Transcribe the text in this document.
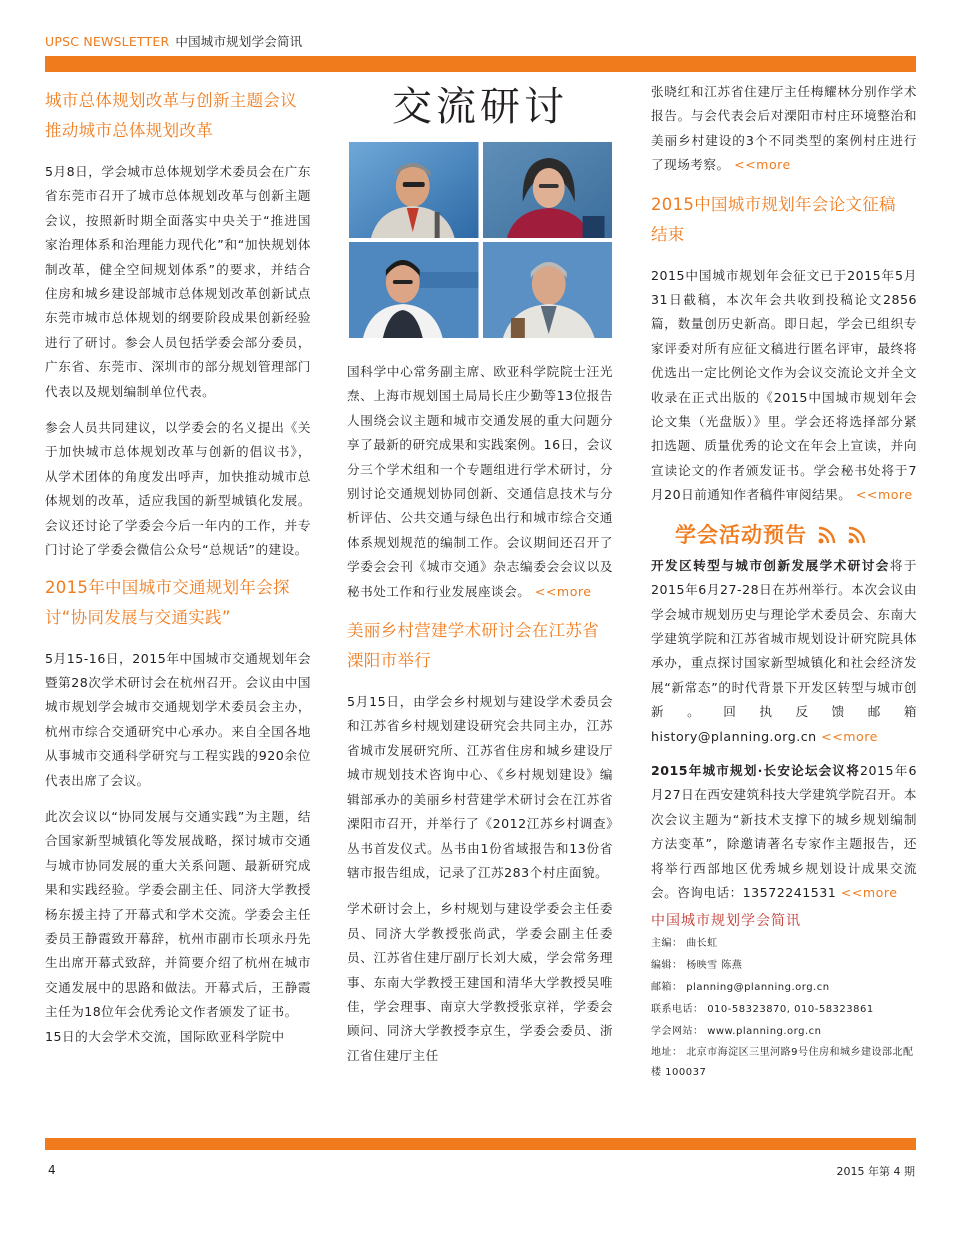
UPSC NEWSLETTER 中国城市规划学会简讯
城市总体规划改革与创新主题会议
推动城市总体规划改革

5月8日，学会城市总体规划学术委员会在广东省东莞市召开了城市总体规划改革与创新主题会议，按照新时期全面落实中央关于“推进国家治理体系和治理能力现代化”和“加快规划体制改革，健全空间规划体系”的要求，并结合住房和城乡建设部城市总体规划改革创新试点东莞市城市总体规划的纲要阶段成果创新经验进行了研讨。参会人员包括学委会部分委员，广东省、东莞市、深圳市的部分规划管理部门代表以及规划编制单位代表。

参会人员共同建议，以学委会的名义提出《关于加快城市总体规划改革与创新的倡议书》，从学术团体的角度发出呼声，加快推动城市总体规划的改革，适应我国的新型城镇化发展。会议还讨论了学委会今后一年内的工作，并专门讨论了学委会微信公众号“总规话”的建设。

2015年中国城市交通规划年会探
讨“协同发展与交通实践”

5月15-16日，2015年中国城市交通规划年会暨第28次学术研讨会在杭州召开。会议由中国城市规划学会城市交通规划学术委员会主办，杭州市综合交通研究中心承办。来自全国各地从事城市交通科学研究与工程实践的920余位代表出席了会议。

此次会议以“协同发展与交通实践”为主题，结合国家新型城镇化等发展战略，探讨城市交通与城市协同发展的重大关系问题、最新研究成果和实践经验。学委会副主任、同济大学教授杨东援主持了开幕式和学术交流。学委会主任委员王静霞致开幕辞，杭州市副市长项永丹先生出席开幕式致辞，并简要介绍了杭州在城市交通发展中的思路和做法。开幕式后，王静霞主任为18位年会优秀论文作者颁发了证书。

15日的大会学术交流，国际欧亚科学院中

交流研讨

国科学中心常务副主席、欧亚科学院院士汪光焘、上海市规划国土局局长庄少勤等13位报告人围绕会议主题和城市交通发展的重大问题分享了最新的研究成果和实践案例。16日，会议分三个学术组和一个专题组进行学术研讨，分别讨论交通规划协同创新、交通信息技术与分析评估、公共交通与绿色出行和城市综合交通体系规划规范的编制工作。会议期间还召开了学委会会刊《城市交通》杂志编委会会议以及秘书处工作和行业发展座谈会。 <<more

美丽乡村营建学术研讨会在江苏省
溧阳市举行

5月15日，由学会乡村规划与建设学术委员会和江苏省乡村规划建设研究会共同主办，江苏省城市发展研究所、江苏省住房和城乡建设厅城市规划技术咨询中心、《乡村规划建设》编辑部承办的美丽乡村营建学术研讨会在江苏省溧阳市召开，并举行了《2012江苏乡村调查》丛书首发仪式。丛书由1份省域报告和13份省辖市报告组成，记录了江苏283个村庄面貌。

学术研讨会上，乡村规划与建设学委会主任委员、同济大学教授张尚武，学委会副主任委员、江苏省住建厅副厅长刘大威，学会常务理事、东南大学教授王建国和清华大学教授吴唯佳，学会理事、南京大学教授张京祥，学委会顾问、同济大学教授李京生，学委会委员、浙江省住建厅主任

张晓红和江苏省住建厅主任梅耀林分别作学术报告。与会代表会后对溧阳市村庄环境整治和美丽乡村建设的3个不同类型的案例村庄进行了现场考察。 <<more

2015中国城市规划年会论文征稿
结束

2015中国城市规划年会征文已于2015年5月31日截稿，本次年会共收到投稿论文2856篇，数量创历史新高。即日起，学会已组织专家评委对所有应征文稿进行匿名评审，最终将优选出一定比例论文作为会议交流论文并全文收录在正式出版的《2015中国城市规划年会论文集（光盘版）》里。学会还将选择部分紧扣选题、质量优秀的论文在年会上宣读，并向宣读论文的作者颁发证书。学会秘书处将于7月20日前通知作者稿件审阅结果。 <<more

学会活动预告

开发区转型与城市创新发展学术研讨会将于2015年6月27-28日在苏州举行。本次会议由学会城市规划历史与理论学术委员会、东南大学建筑学院和江苏省城市规划设计研究院具体承办，重点探讨国家新型城镇化和社会经济发展“新常态”的时代背景下开发区转型与城市创新。回执反馈邮箱 history@planning.org.cn <<more

2015年城市规划·长安论坛会议将2015年6月27日在西安建筑科技大学建筑学院召开。本次会议主题为“新技术支撑下的城乡规划编制方法变革”，除邀请著名专家作主题报告，还将举行西部地区优秀城乡规划设计成果交流会。咨询电话：13572241531 <<more

中国城市规划学会简讯

主编： 曲长虹

编辑： 杨映雪 陈燕

邮箱： planning@planning.org.cn

联系电话： 010-58323870, 010-58323861

学会网站： www.planning.org.cn

地址： 北京市海淀区三里河路9号住房和城乡建设部北配楼 100037

4	2015 年第 4 期
